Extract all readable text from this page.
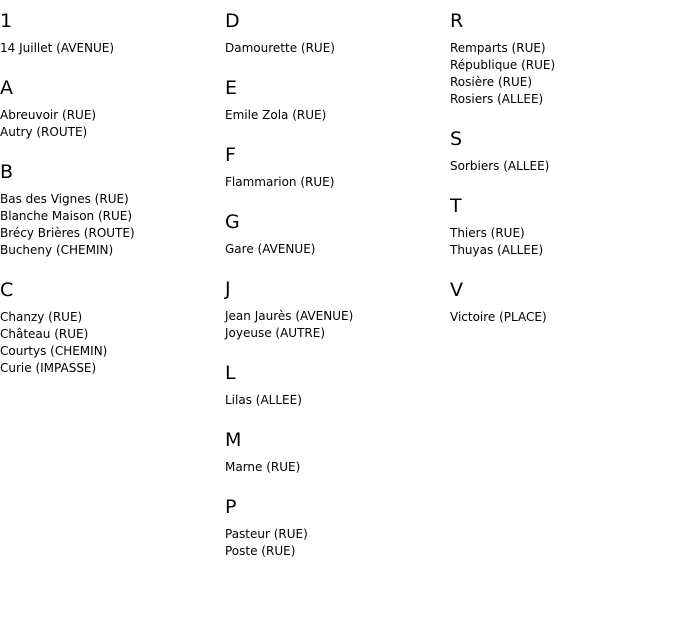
1
14 Juillet (AVENUE)
A
Abreuvoir (RUE)
Autry (ROUTE)
B
Bas des Vignes (RUE)
Blanche Maison (RUE)
Brécy Brières (ROUTE)
Bucheny (CHEMIN)
C
Chanzy (RUE)
Château (RUE)
Courtys (CHEMIN)
Curie (IMPASSE)
D
Damourette (RUE)
E
Emile Zola (RUE)
F
Flammarion (RUE)
G
Gare (AVENUE)
J
Jean Jaurès (AVENUE)
Joyeuse (AUTRE)
L
Lilas (ALLEE)
M
Marne (RUE)
P
Pasteur (RUE)
Poste (RUE)
R
Remparts (RUE)
République (RUE)
Rosière (RUE)
Rosiers (ALLEE)
S
Sorbiers (ALLEE)
T
Thiers (RUE)
Thuyas (ALLEE)
V
Victoire (PLACE)
